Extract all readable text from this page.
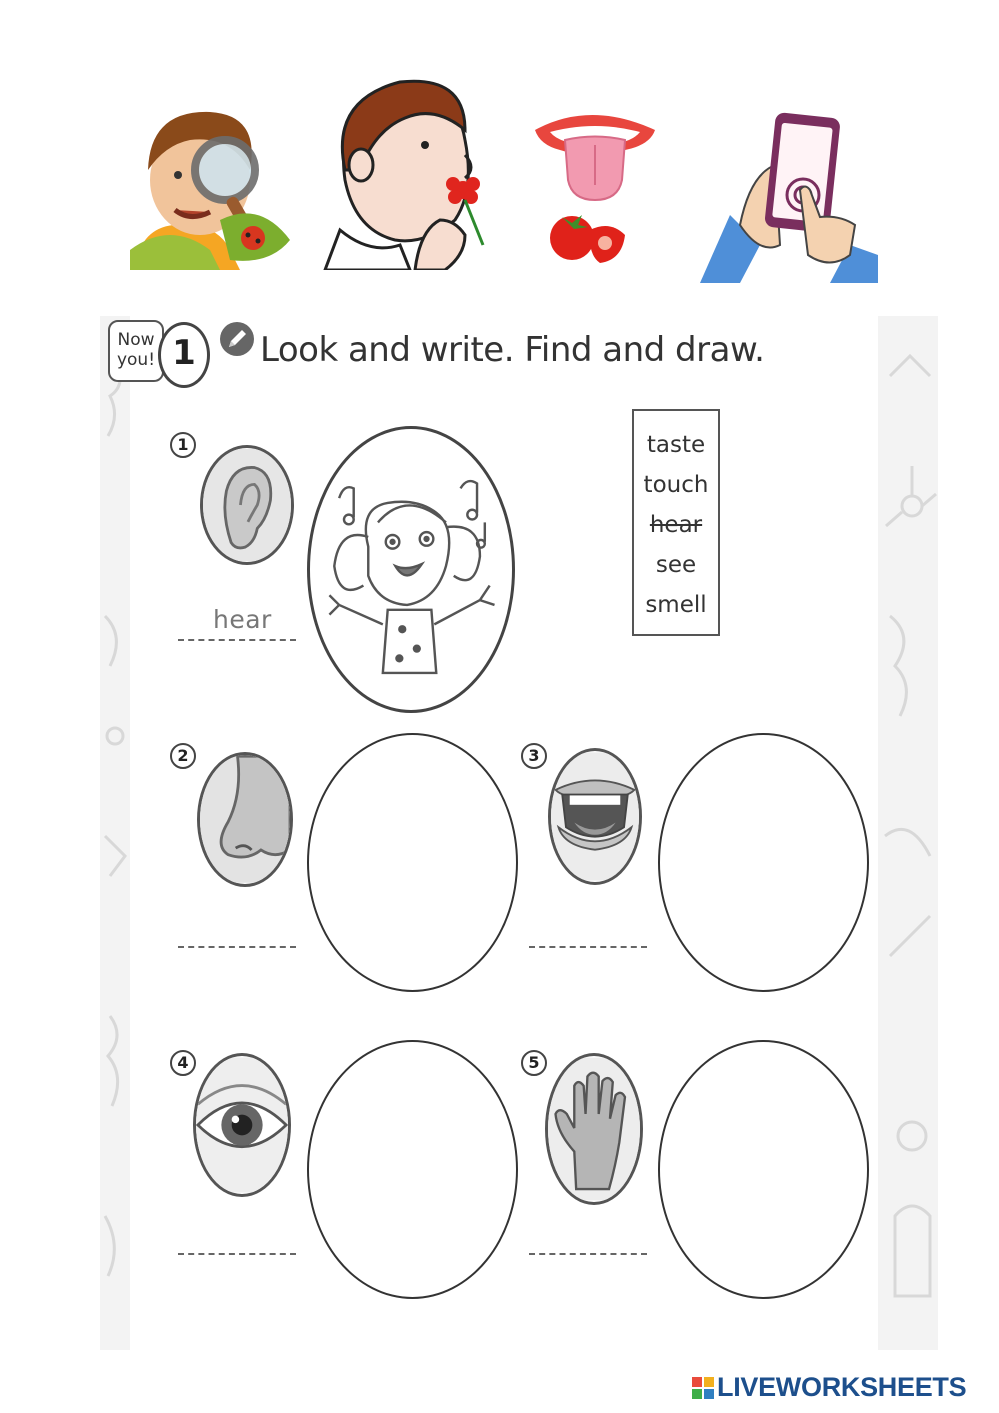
Now
you! 1	Look and write. Find and draw.
taste
touch
hear
see
smell
1
hear
2	3
4	5
LIVEWORKSHEETS
